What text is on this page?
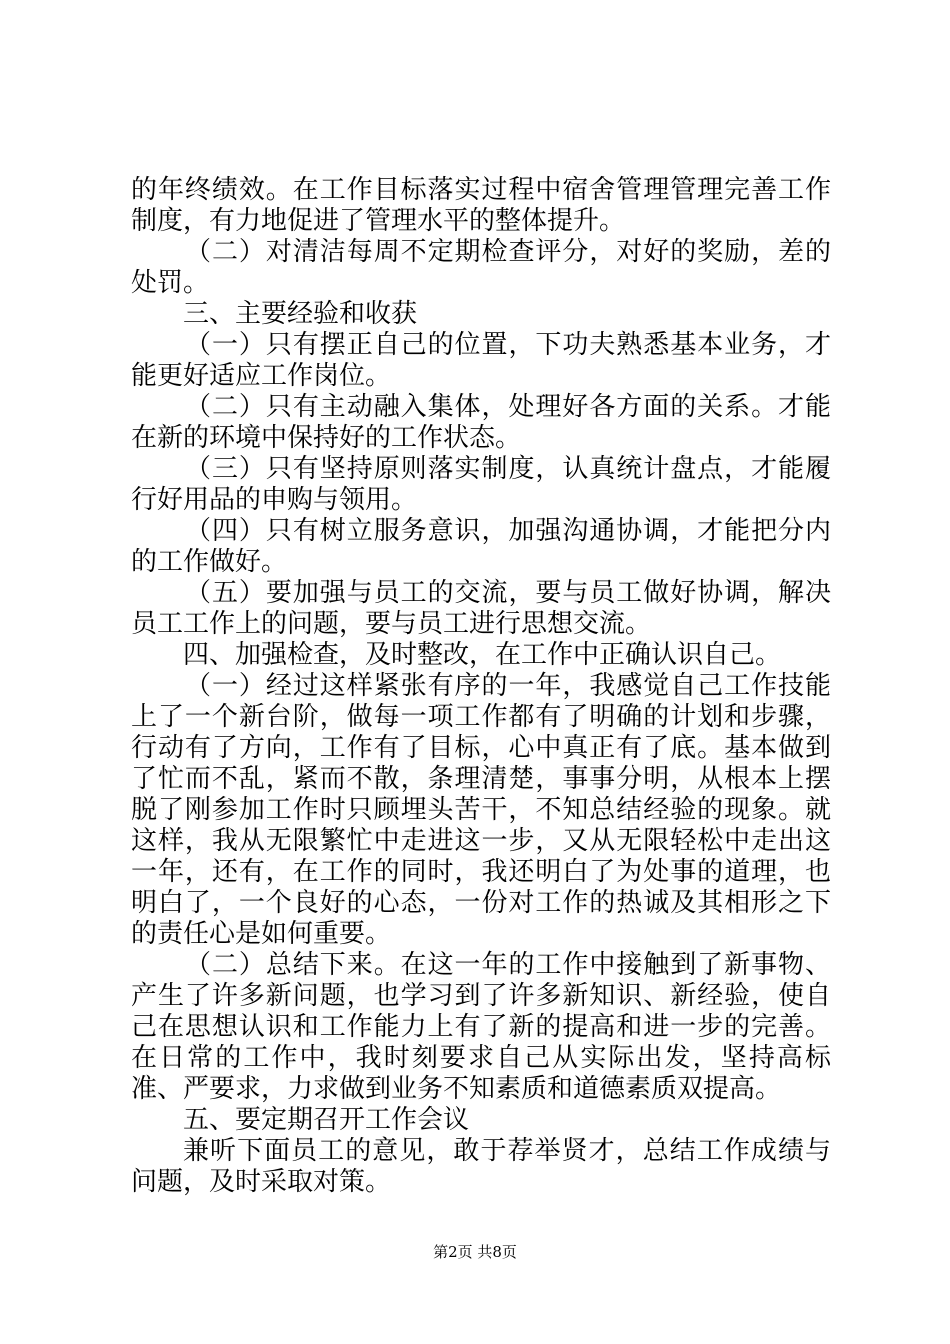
的年终绩效。在工作目标落实过程中宿舍管理管理完善工作制度，有力地促进了管理水平的整体提升。

（二）对清洁每周不定期检查评分，对好的奖励，差的处罚。

三、主要经验和收获

（一）只有摆正自己的位置，下功夫熟悉基本业务，才能更好适应工作岗位。

（二）只有主动融入集体，处理好各方面的关系。才能在新的环境中保持好的工作状态。

（三）只有坚持原则落实制度，认真统计盘点，才能履行好用品的申购与领用。

（四）只有树立服务意识，加强沟通协调，才能把分内的工作做好。

（五）要加强与员工的交流，要与员工做好协调，解决员工工作上的问题，要与员工进行思想交流。

四、加强检查，及时整改，在工作中正确认识自己。

（一）经过这样紧张有序的一年，我感觉自己工作技能上了一个新台阶，做每一项工作都有了明确的计划和步骤，行动有了方向，工作有了目标，心中真正有了底。基本做到了忙而不乱，紧而不散，条理清楚，事事分明，从根本上摆脱了刚参加工作时只顾埋头苦干，不知总结经验的现象。就这样，我从无限繁忙中走进这一步，又从无限轻松中走出这一年，还有，在工作的同时，我还明白了为处事的道理，也明白了，一个良好的心态，一份对工作的热诚及其相形之下的责任心是如何重要。

（二）总结下来。在这一年的工作中接触到了新事物、产生了许多新问题，也学习到了许多新知识、新经验，使自己在思想认识和工作能力上有了新的提高和进一步的完善。在日常的工作中，我时刻要求自己从实际出发，坚持高标准、严要求，力求做到业务不知素质和道德素质双提高。

五、要定期召开工作会议

兼听下面员工的意见，敢于荐举贤才，总结工作成绩与问题，及时采取对策。

第2页 共8页
